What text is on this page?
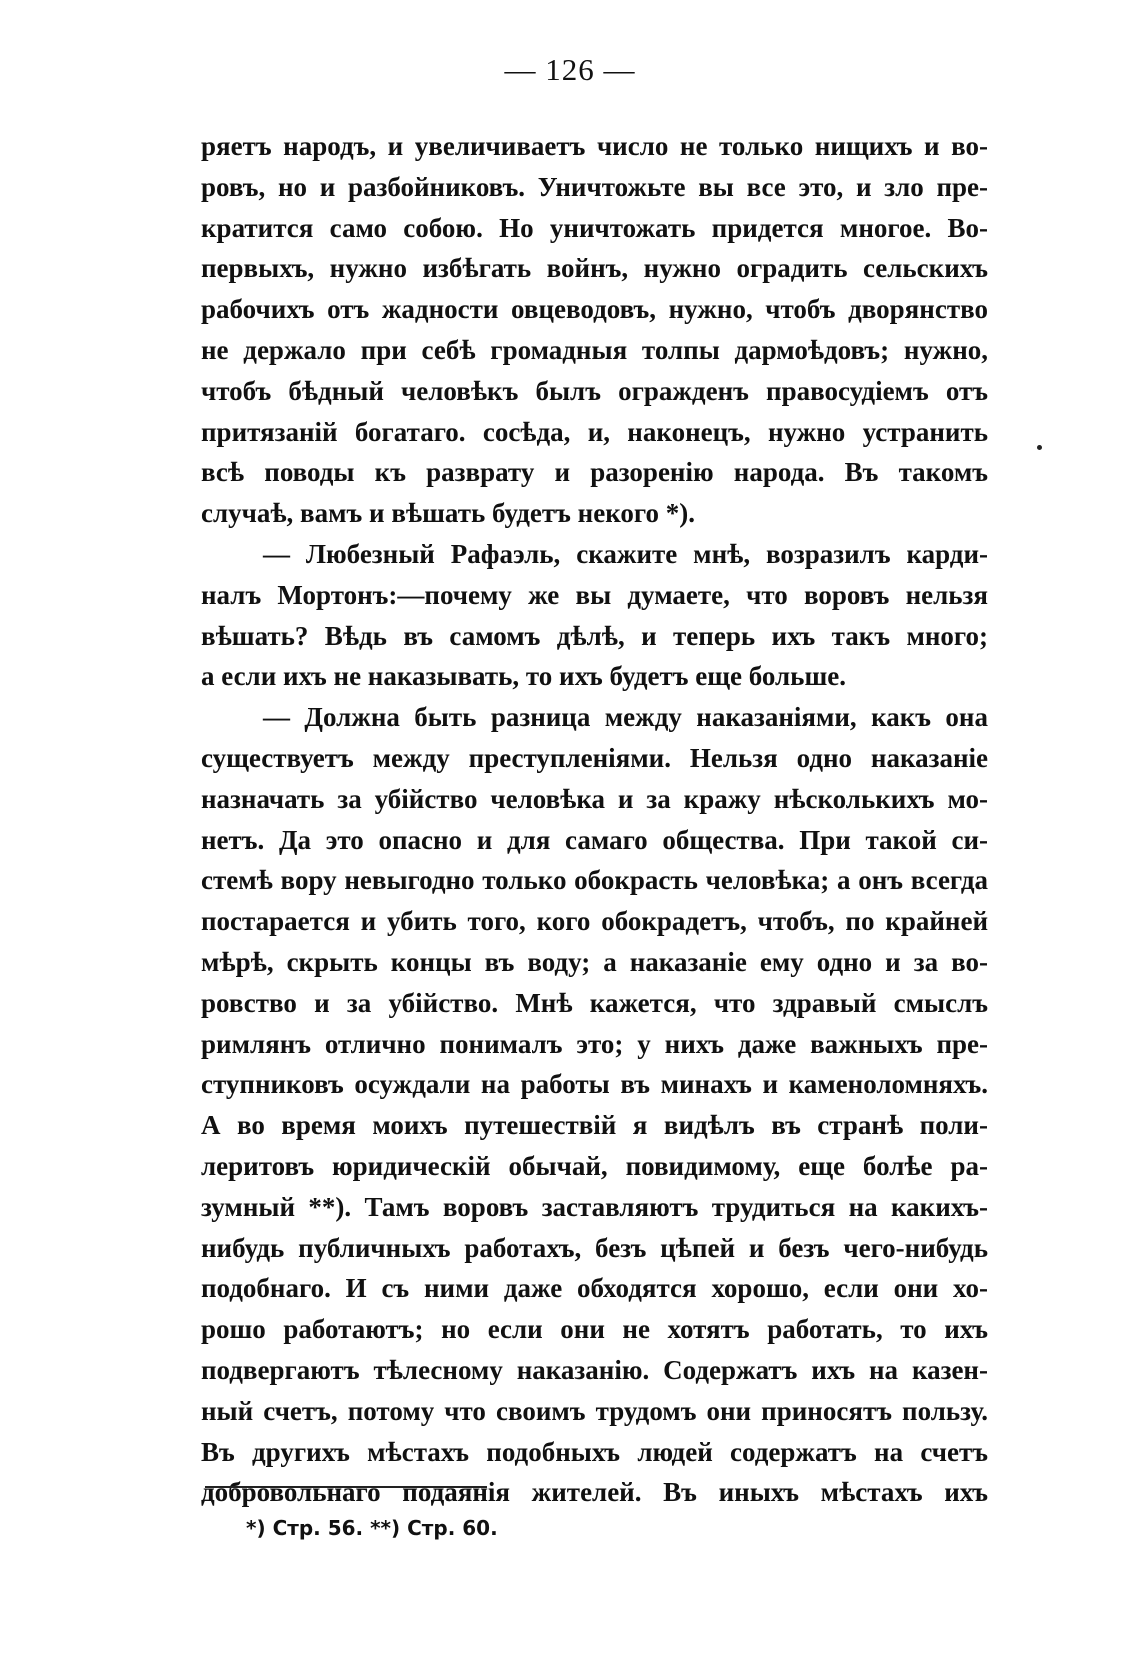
— 126 —
ряетъ народъ, и увеличиваетъ число не только нищихъ и во-
ровъ, но и разбойниковъ. Уничтожьте вы все это, и зло пре-
кратится само собою. Но уничтожать придется многое. Во-
первыхъ, нужно избѣгать войнъ, нужно оградить сельскихъ
рабочихъ отъ жадности овцеводовъ, нужно, чтобъ дворянство
не держало при себѣ громадныя толпы дармоѣдовъ; нужно,
чтобъ бѣдный человѣкъ былъ огражденъ правосудіемъ отъ
притязаній богатаго. сосѣда, и, наконецъ, нужно устранить
всѣ поводы къ разврату и разоренію народа. Въ такомъ
случаѣ, вамъ и вѣшать будетъ некого *).
— Любезный Рафаэль, скажите мнѣ, возразилъ карди-
налъ Мортонъ:—почему же вы думаете, что воровъ нельзя
вѣшать? Вѣдь въ самомъ дѣлѣ, и теперь ихъ такъ много;
а если ихъ не наказывать, то ихъ будетъ еще больше.
— Должна быть разница между наказаніями, какъ она
существуетъ между преступленіями. Нельзя одно наказаніе
назначать за убійство человѣка и за кражу нѣсколькихъ мо-
нетъ. Да это опасно и для самаго общества. При такой си-
стемѣ вору невыгодно только обокрасть человѣка; а онъ всегда
постарается и убить того, кого обокрадетъ, чтобъ, по крайней
мѣрѣ, скрыть концы въ воду; а наказаніе ему одно и за во-
ровство и за убійство. Мнѣ кажется, что здравый смыслъ
римлянъ отлично понималъ это; у нихъ даже важныхъ пре-
ступниковъ осуждали на работы въ минахъ и каменоломняхъ.
А во время моихъ путешествій я видѣлъ въ странѣ поли-
леритовъ юридическій обычай, повидимому, еще болѣе ра-
зумный **). Тамъ воровъ заставляютъ трудиться на какихъ-
нибудь публичныхъ работахъ, безъ цѣпей и безъ чего-нибудь
подобнаго. И съ ними даже обходятся хорошо, если они хо-
рошо работаютъ; но если они не хотятъ работать, то ихъ
подвергаютъ тѣлесному наказанію. Содержатъ ихъ на казен-
ный счетъ, потому что своимъ трудомъ они приносятъ пользу.
Въ другихъ мѣстахъ подобныхъ людей содержатъ на счетъ
добровольнаго подаянія жителей. Въ иныхъ мѣстахъ ихъ
*) Стр. 56. **) Стр. 60.
